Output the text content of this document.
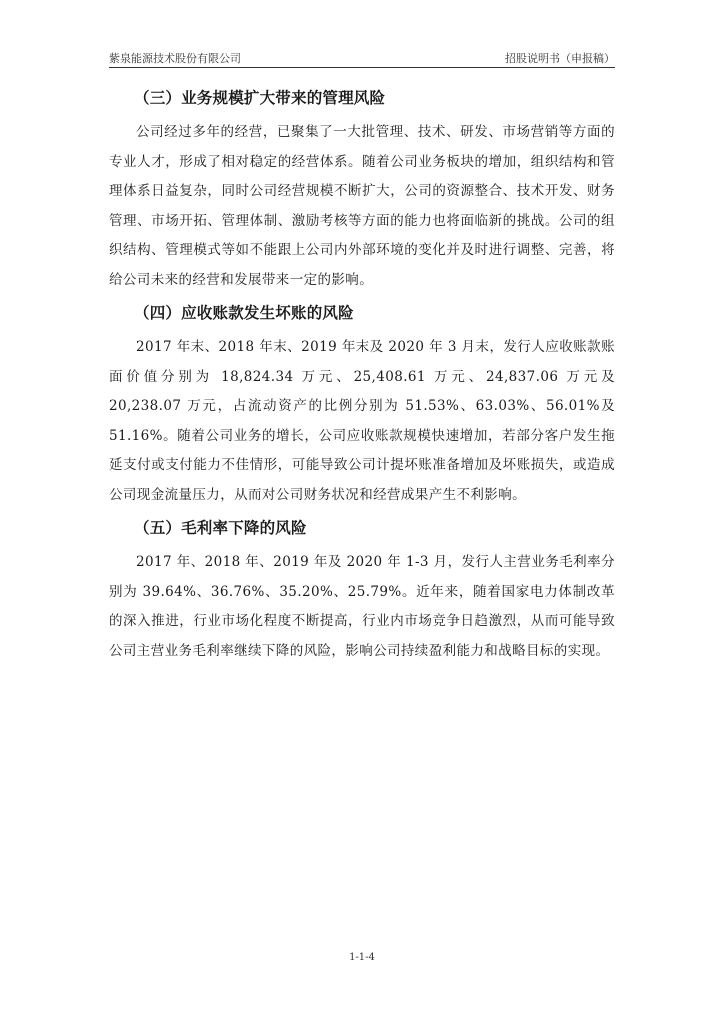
紫泉能源技术股份有限公司	招股说明书（申报稿）
（三）业务规模扩大带来的管理风险

公司经过多年的经营，已聚集了一大批管理、技术、研发、市场营销等方面的专业人才，形成了相对稳定的经营体系。随着公司业务板块的增加，组织结构和管理体系日益复杂，同时公司经营规模不断扩大，公司的资源整合、技术开发、财务管理、市场开拓、管理体制、激励考核等方面的能力也将面临新的挑战。公司的组织结构、管理模式等如不能跟上公司内外部环境的变化并及时进行调整、完善，将给公司未来的经营和发展带来一定的影响。

（四）应收账款发生坏账的风险

2017 年末、2018 年末、2019 年末及 2020 年 3 月末，发行人应收账款账面价值分别为 18,824.34 万元、25,408.61 万元、24,837.06 万元及 20,238.07 万元，占流动资产的比例分别为 51.53%、63.03%、56.01%及 51.16%。随着公司业务的增长，公司应收账款规模快速增加，若部分客户发生拖延支付或支付能力不佳情形，可能导致公司计提坏账准备增加及坏账损失，或造成公司现金流量压力，从而对公司财务状况和经营成果产生不利影响。

（五）毛利率下降的风险

2017 年、2018 年、2019 年及 2020 年 1-3 月，发行人主营业务毛利率分别为 39.64%、36.76%、35.20%、25.79%。近年来，随着国家电力体制改革的深入推进，行业市场化程度不断提高，行业内市场竞争日趋激烈，从而可能导致公司主营业务毛利率继续下降的风险，影响公司持续盈利能力和战略目标的实现。

1-1-4
